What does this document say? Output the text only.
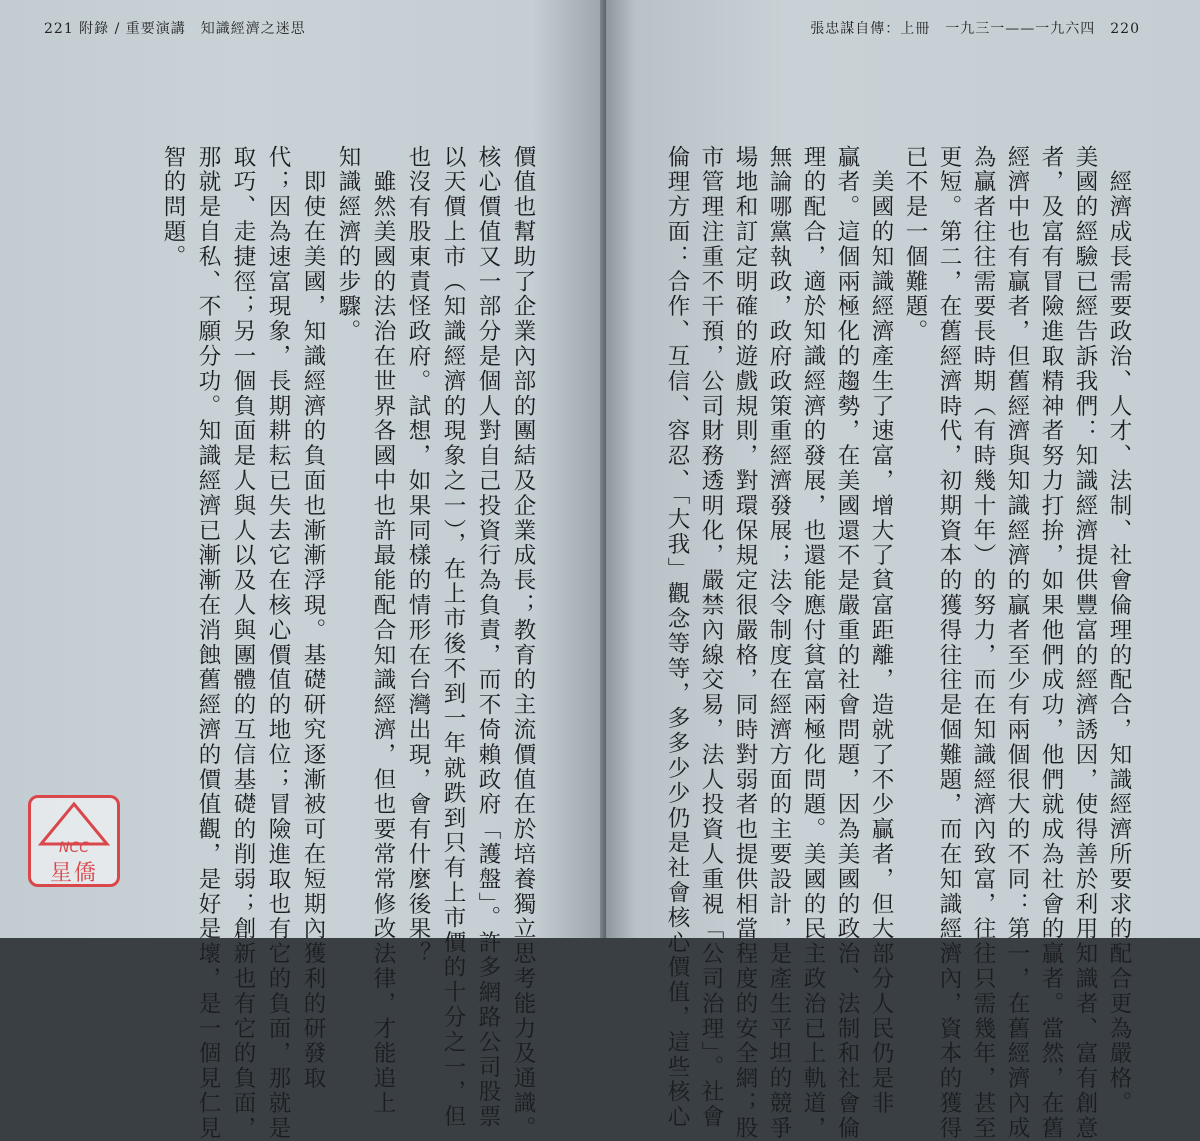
221 附錄 / 重要演講　知識經濟之迷思
價值也幫助了企業內部的團結及企業成長；教育的主流價值在於培養獨立思考能力及通識。
核心價值又一部分是個人對自己投資行為負責，而不倚賴政府「護盤」。許多網路公司股票
以天價上市（知識經濟的現象之一），在上市後不到一年就跌到只有上市價的十分之一，但
也沒有股東責怪政府。試想，如果同樣的情形在台灣出現，會有什麼後果？
　雖然美國的法治在世界各國中也許最能配合知識經濟，但也要常常修改法律，才能追上
知識經濟的步驟。
　即使在美國，知識經濟的負面也漸漸浮現。基礎研究逐漸被可在短期內獲利的研發取
代；因為速富現象，長期耕耘已失去它在核心價值的地位；冒險進取也有它的負面，那就是
取巧、走捷徑；另一個負面是人與人以及人與團體的互信基礎的削弱；創新也有它的負面，
那就是自私、不願分功。知識經濟已漸漸在消蝕舊經濟的價值觀，是好是壞，是一個見仁見
智的問題。
NCC
星僑
張忠謀自傳：上冊　一九三一——一九六四　220
　經濟成長需要政治、人才、法制、社會倫理的配合，知識經濟所要求的配合更為嚴格。
美國的經驗已經告訴我們：知識經濟提供豐富的經濟誘因，使得善於利用知識者、富有創意
者，及富有冒險進取精神者努力打拚，如果他們成功，他們就成為社會的贏者。當然，在舊
經濟中也有贏者，但舊經濟與知識經濟的贏者至少有兩個很大的不同：第一，在舊經濟內成
為贏者往往需要長時期（有時幾十年）的努力，而在知識經濟內致富，往往只需幾年，甚至
更短。第二，在舊經濟時代，初期資本的獲得往往是個難題，而在知識經濟內，資本的獲得
已不是一個難題。
　美國的知識經濟產生了速富，增大了貧富距離，造就了不少贏者，但大部分人民仍是非
贏者。這個兩極化的趨勢，在美國還不是嚴重的社會問題，因為美國的政治、法制和社會倫
理的配合，適於知識經濟的發展，也還能應付貧富兩極化問題。美國的民主政治已上軌道，
無論哪黨執政，政府政策重經濟發展；法令制度在經濟方面的主要設計，是產生平坦的競爭
場地和訂定明確的遊戲規則，對環保規定很嚴格，同時對弱者也提供相當程度的安全網；股
市管理注重不干預，公司財務透明化，嚴禁內線交易，法人投資人重視「公司治理」。社會
倫理方面：合作、互信、容忍、「大我」觀念等等，多多少少仍是社會核心價值，這些核心
